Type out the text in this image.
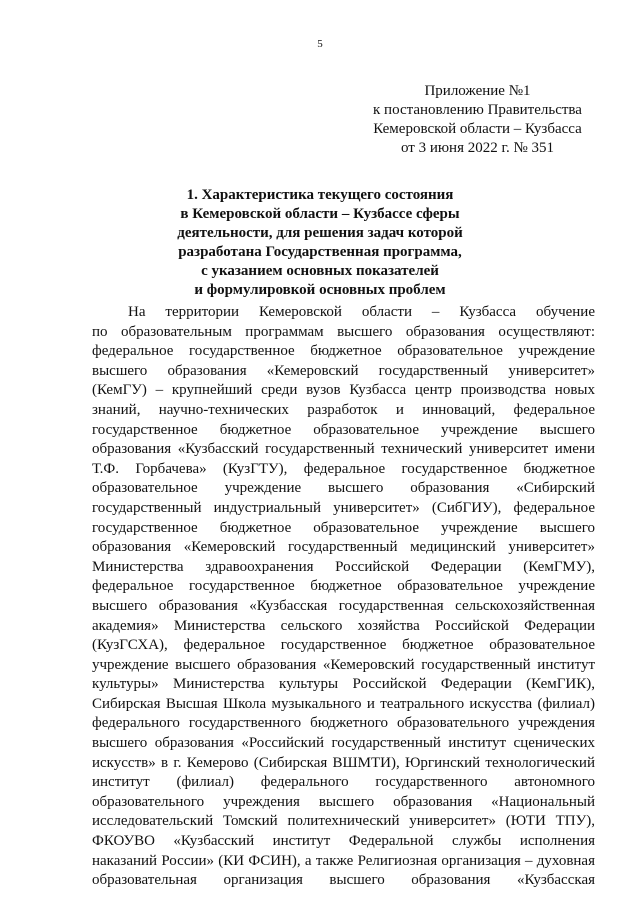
5
Приложение №1
к постановлению Правительства
Кемеровской области – Кузбасса
от 3 июня 2022 г. № 351
1. Характеристика текущего состояния
в Кемеровской области – Кузбассе сферы
деятельности, для решения задач которой
разработана Государственная программа,
с указанием основных показателей
и формулировкой основных проблем
На территории Кемеровской области – Кузбасса обучение
по образовательным программам высшего образования осуществляют:
федеральное государственное бюджетное образовательное учреждение
высшего образования «Кемеровский государственный университет»
(КемГУ) – крупнейший среди вузов Кузбасса центр производства новых
знаний, научно-технических разработок и инноваций, федеральное
государственное бюджетное образовательное учреждение высшего
образования «Кузбасский государственный технический университет имени
Т.Ф. Горбачева» (КузГТУ), федеральное государственное бюджетное
образовательное учреждение высшего образования «Сибирский
государственный индустриальный университет» (СибГИУ), федеральное
государственное бюджетное образовательное учреждение высшего
образования «Кемеровский государственный медицинский университет»
Министерства здравоохранения Российской Федерации (КемГМУ),
федеральное государственное бюджетное образовательное учреждение
высшего образования «Кузбасская государственная сельскохозяйственная
академия» Министерства сельского хозяйства Российской Федерации
(КузГСХА), федеральное государственное бюджетное образовательное
учреждение высшего образования «Кемеровский государственный институт
культуры» Министерства культуры Российской Федерации (КемГИК),
Сибирская Высшая Школа музыкального и театрального искусства (филиал)
федерального государственного бюджетного образовательного учреждения
высшего образования «Российский государственный институт сценических
искусств» в г. Кемерово (Сибирская ВШМТИ), Юргинский технологический
институт (филиал) федерального государственного автономного
образовательного учреждения высшего образования «Национальный
исследовательский Томский политехнический университет» (ЮТИ ТПУ),
ФКОУВО «Кузбасский институт Федеральной службы исполнения
наказаний России» (КИ ФСИН), а также Религиозная организация – духовная
образовательная организация высшего образования «Кузбасская
